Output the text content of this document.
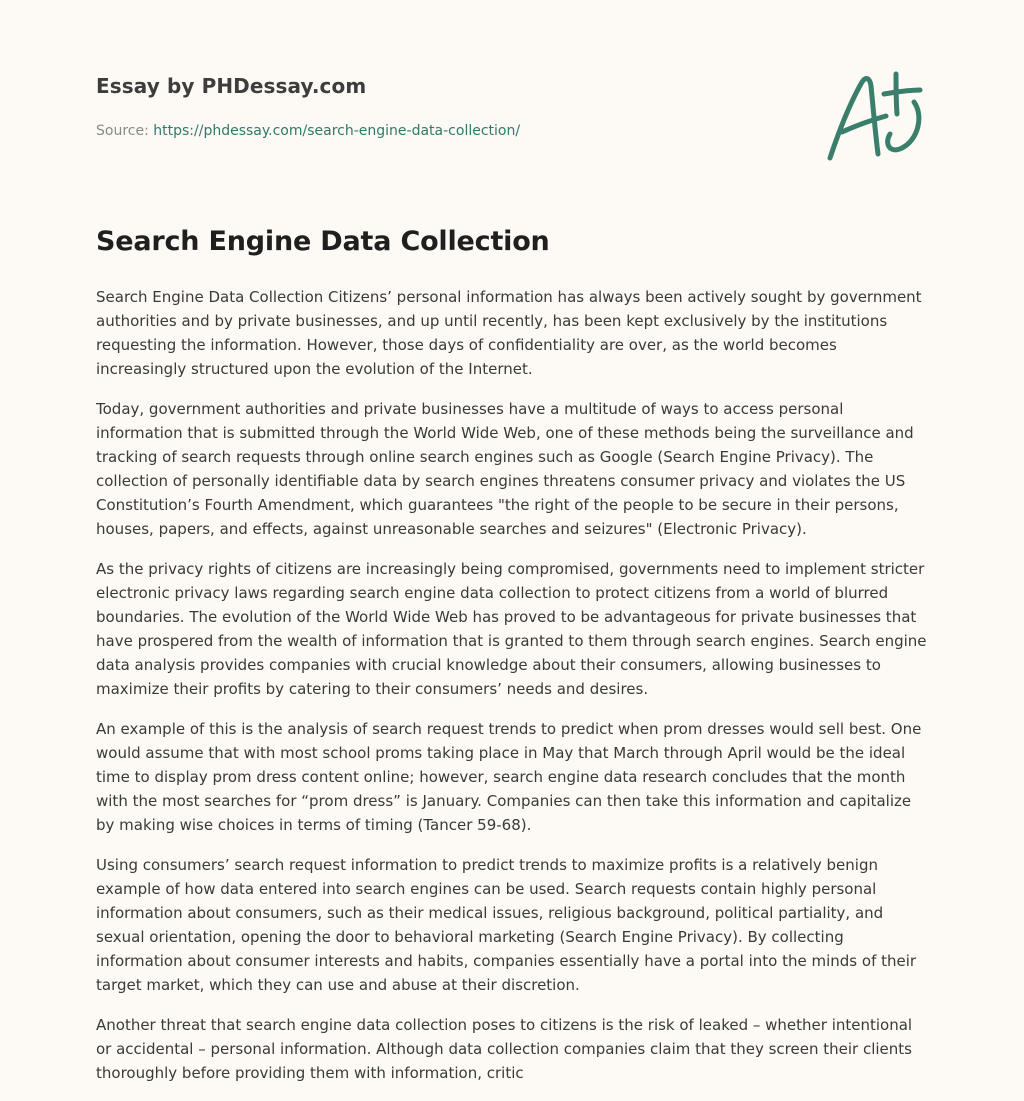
Essay by PHDessay.com
Source: https://phdessay.com/search-engine-data-collection/
Search Engine Data Collection

Search Engine Data Collection Citizens’ personal information has always been actively sought by government authorities and by private businesses, and up until recently, has been kept exclusively by the institutions requesting the information. However, those days of confidentiality are over, as the world becomes increasingly structured upon the evolution of the Internet.

Today, government authorities and private businesses have a multitude of ways to access personal information that is submitted through the World Wide Web, one of these methods being the surveillance and tracking of search requests through online search engines such as Google (Search Engine Privacy). The collection of personally identifiable data by search engines threatens consumer privacy and violates the US Constitution’s Fourth Amendment, which guarantees "the right of the people to be secure in their persons, houses, papers, and effects, against unreasonable searches and seizures" (Electronic Privacy).

As the privacy rights of citizens are increasingly being compromised, governments need to implement stricter electronic privacy laws regarding search engine data collection to protect citizens from a world of blurred boundaries. The evolution of the World Wide Web has proved to be advantageous for private businesses that have prospered from the wealth of information that is granted to them through search engines. Search engine data analysis provides companies with crucial knowledge about their consumers, allowing businesses to maximize their profits by catering to their consumers’ needs and desires.

An example of this is the analysis of search request trends to predict when prom dresses would sell best. One would assume that with most school proms taking place in May that March through April would be the ideal time to display prom dress content online; however, search engine data research concludes that the month with the most searches for “prom dress” is January. Companies can then take this information and capitalize by making wise choices in terms of timing (Tancer 59-68).

Using consumers’ search request information to predict trends to maximize profits is a relatively benign example of how data entered into search engines can be used. Search requests contain highly personal information about consumers, such as their medical issues, religious background, political partiality, and sexual orientation, opening the door to behavioral marketing (Search Engine Privacy). By collecting information about consumer interests and habits, companies essentially have a portal into the minds of their target market, which they can use and abuse at their discretion.

Another threat that search engine data collection poses to citizens is the risk of leaked – whether intentional or accidental – personal information. Although data collection companies claim that they screen their clients thoroughly before providing them with information, critic
